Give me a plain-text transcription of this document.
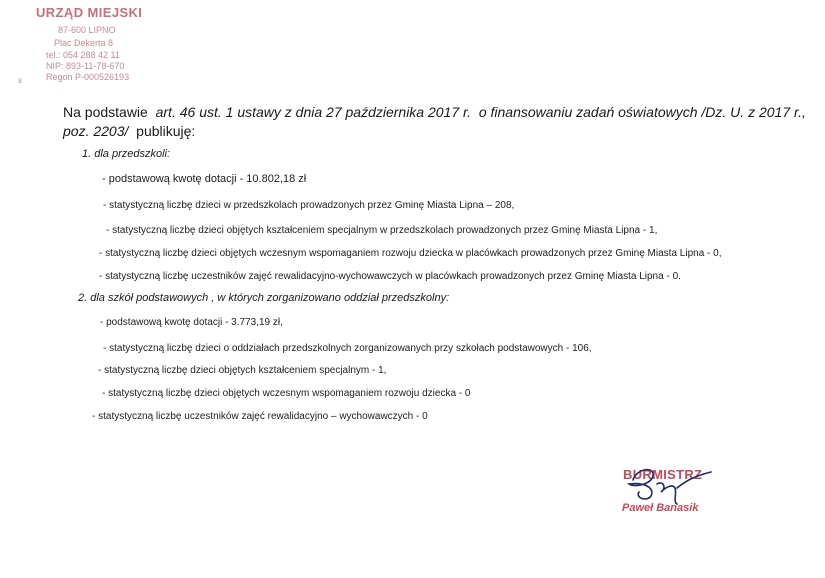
URZĄD MIEJSKI
87-600 LIPNO
Plac Dekerta 8
tel.: 054 288 42 11
NIP: 893-11-78-670
Regon P-000526193
s
Na podstawie  art. 46 ust. 1 ustawy z dnia 27 października 2017 r.  o finansowaniu zadań oświatowych /Dz. U. z 2017 r.,
poz. 2203/  publikuję:
1. dla przedszkoli:
- podstawową kwotę dotacji - 10.802,18 zł
- statystyczną liczbę dzieci w przedszkolach prowadzonych przez Gminę Miasta Lipna – 208,
- statystyczną liczbę dzieci objętych kształceniem specjalnym w przedszkolach prowadzonych przez Gminę Miasta Lipna - 1,
- statystyczną liczbę dzieci objętych wczesnym wspomaganiem rozwoju dziecka w placówkach prowadzonych przez Gminę Miasta Lipna - 0,
- statystyczną liczbę uczestników zajęć rewalidacyjno-wychowawczych w placówkach prowadzonych przez Gminę Miasta Lipna - 0.
2. dla szkół podstawowych , w których zorganizowano oddział przedszkolny:
- podstawową kwotę dotacji - 3.773,19 zł,
- statystyczną liczbę dzieci o oddziałach przedszkolnych zorganizowanych przy szkołach podstawowych - 106,
- statystyczną liczbę dzieci objętych kształceniem specjalnym - 1,
- statystyczną liczbę dzieci objętych wczesnym wspomaganiem rozwoju dziecka - 0
- statystyczną liczbę uczestników zajęć rewalidacyjno – wychowawczych - 0
BURMISTRZ
Paweł Banasik
